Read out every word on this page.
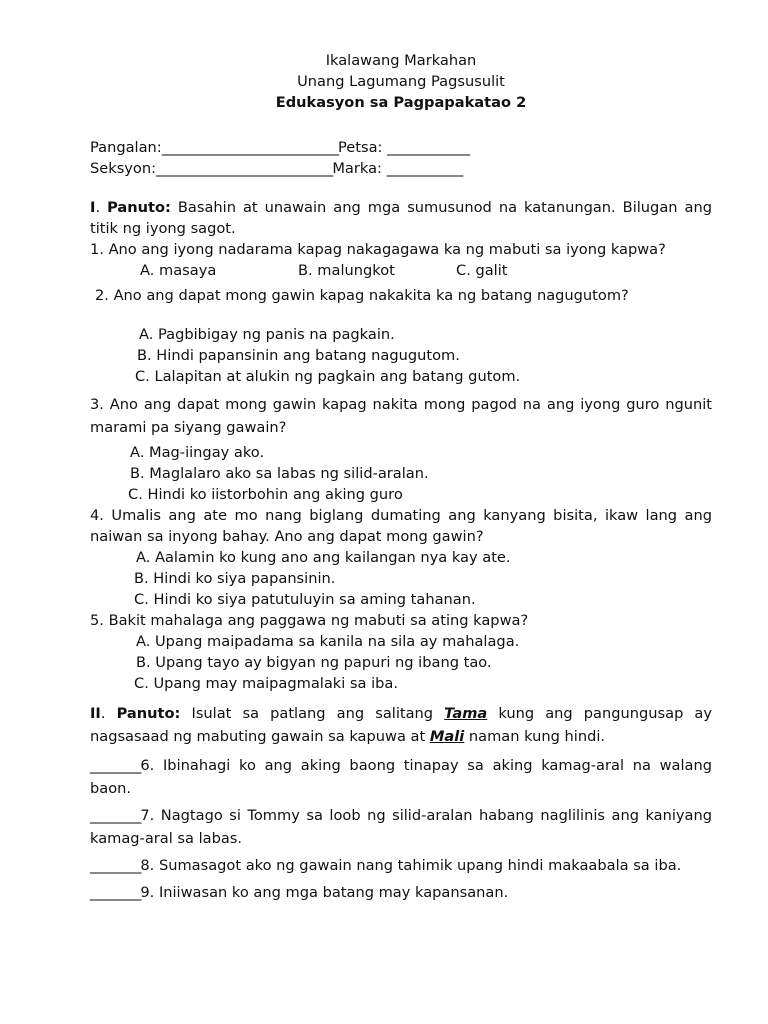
Ikalawang Markahan
Unang Lagumang Pagsusulit
Edukasyon sa Pagpapakatao 2
Pangalan:____________________________Petsa: _____________
Seksyon:____________________________Marka: ____________
I. Panuto: Basahin at unawain ang mga sumusunod na katanungan. Bilugan ang titik ng iyong sagot.
1. Ano ang iyong nadarama kapag nakagagawa ka ng mabuti sa iyong kapwa?
A. masaya	B. malungkot	C. galit
2. Ano ang dapat mong gawin kapag nakakita ka ng batang nagugutom?
A. Pagbibigay ng panis na pagkain.
B. Hindi papansinin ang batang nagugutom.
C. Lalapitan at alukin ng pagkain ang batang gutom.
3. Ano ang dapat mong gawin kapag nakita mong pagod na ang iyong guro ngunit marami pa siyang gawain?
A. Mag-iingay ako.
B. Maglalaro ako sa labas ng silid-aralan.
C. Hindi ko iistorbohin ang aking guro
4. Umalis ang ate mo nang biglang dumating ang kanyang bisita, ikaw lang ang naiwan sa inyong bahay. Ano ang dapat mong gawin?
A. Aalamin ko kung ano ang kailangan nya kay ate.
B. Hindi ko siya papansinin.
C. Hindi ko siya patutuluyin sa aming tahanan.
5. Bakit mahalaga ang paggawa ng mabuti sa ating kapwa?
A. Upang maipadama sa kanila na sila ay mahalaga.
B. Upang tayo ay bigyan ng papuri ng ibang tao.
C. Upang may maipagmalaki sa iba.
II. Panuto: Isulat sa patlang ang salitang Tama kung ang pangungusap ay nagsasaad ng mabuting gawain sa kapuwa at Mali naman kung hindi.
________6. Ibinahagi ko ang aking baong tinapay sa aking kamag-aral na walang baon.
________7. Nagtago si Tommy sa loob ng silid-aralan habang naglilinis ang kaniyang kamag-aral sa labas.
________8. Sumasagot ako ng gawain nang tahimik upang hindi makaabala sa iba.
________9. Iniiwasan ko ang mga batang may kapansanan.
